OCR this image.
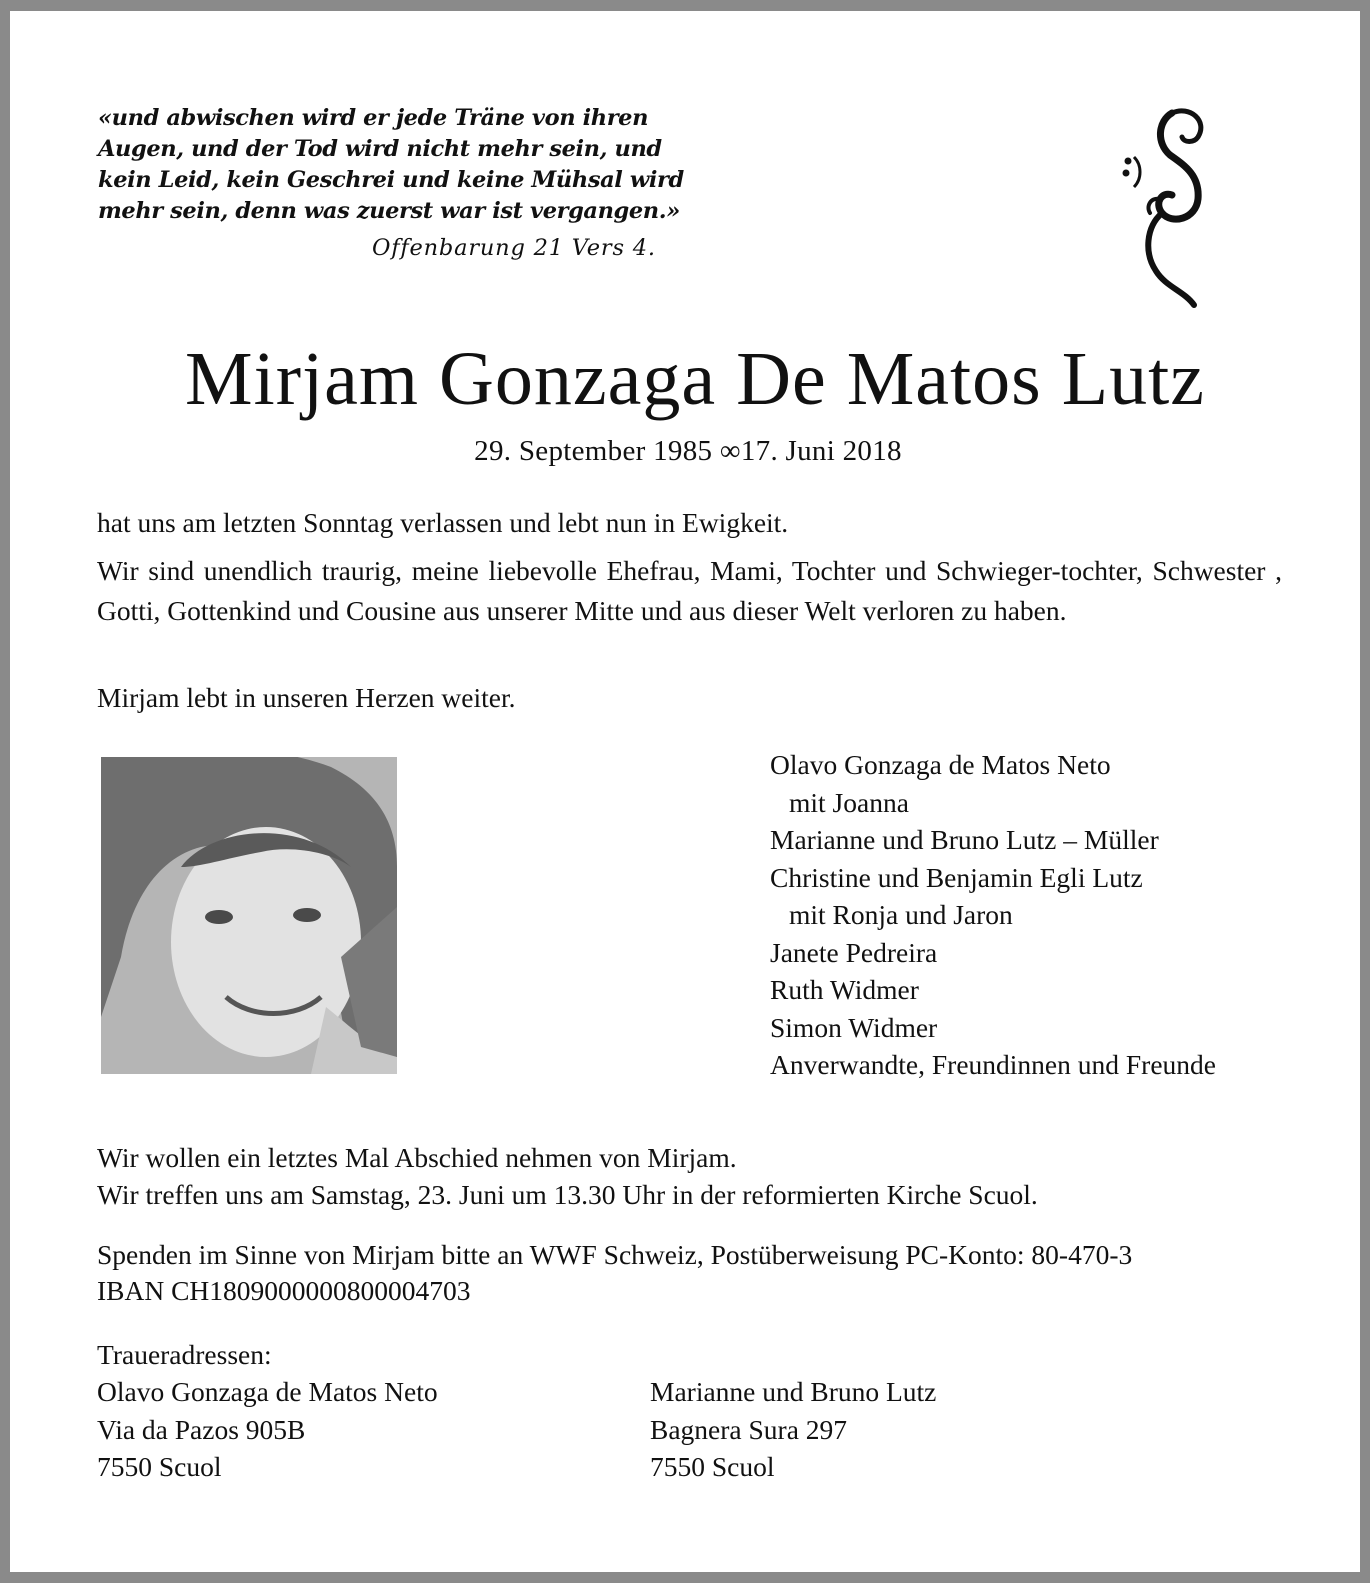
«und abwischen wird er jede Träne von ihren
Augen, und der Tod wird nicht mehr sein, und
kein Leid, kein Geschrei und keine Mühsal wird
mehr sein, denn was zuerst war ist vergangen.»

Offenbarung 21 Vers 4.

Mirjam Gonzaga De Matos Lutz

29. September 1985 ∞17. Juni 2018

hat uns am letzten Sonntag verlassen und lebt nun in Ewigkeit.

Wir sind unendlich traurig, meine liebevolle Ehefrau, Mami, Tochter und Schwieger-tochter, Schwester , Gotti, Gottenkind und Cousine aus unserer Mitte und aus dieser Welt verloren zu haben.

Mirjam lebt in unseren Herzen weiter.

Olavo Gonzaga de Matos Neto
mit Joanna
Marianne und Bruno Lutz – Müller
Christine und Benjamin Egli Lutz
mit Ronja und Jaron
Janete Pedreira
Ruth Widmer
Simon Widmer
Anverwandte, Freundinnen und Freunde
Wir wollen ein letztes Mal Abschied nehmen von Mirjam.
Wir treffen uns am Samstag, 23. Juni um 13.30 Uhr in der reformierten Kirche Scuol.
Spenden im Sinne von Mirjam bitte an WWF Schweiz, Postüberweisung PC-Konto: 80-470-3
IBAN CH1809000000800004703

Traueradressen:

Olavo Gonzaga de Matos Neto
Via da Pazos 905B
7550 Scuol
Marianne und Bruno Lutz
Bagnera Sura 297
7550 Scuol
